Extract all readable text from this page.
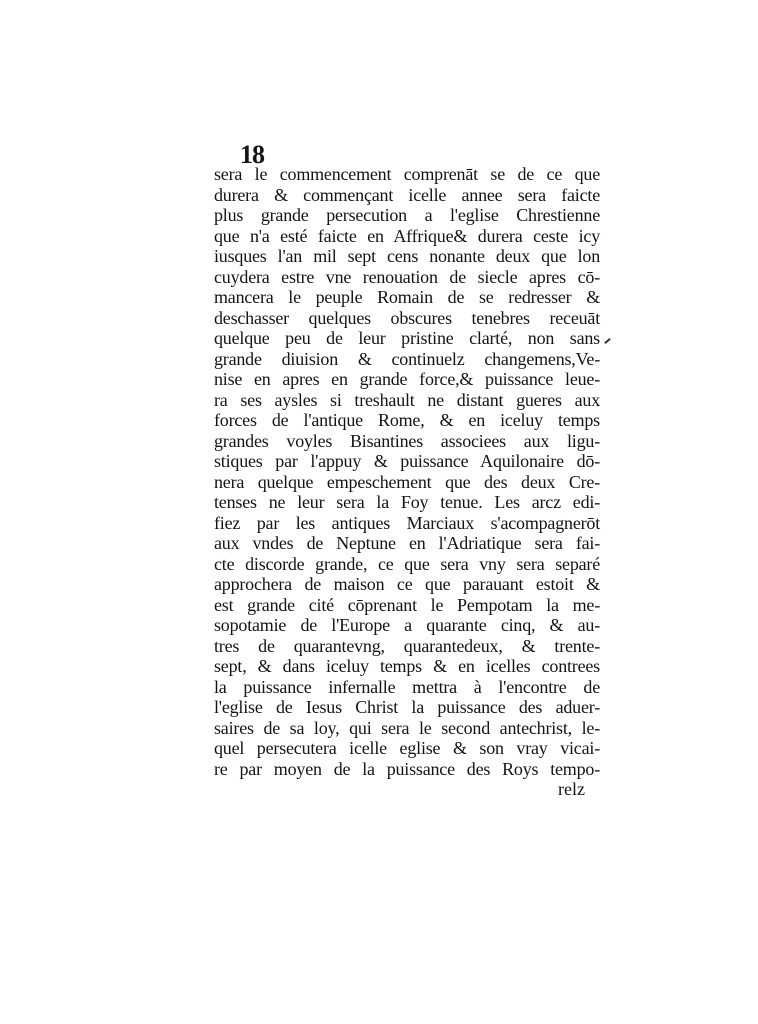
18
sera le commencement comprenāt se de ce que
durera & commençant icelle annee sera faicte
plus grande persecution a l'eglise Chrestienne
que n'a esté faicte en Affrique& durera ceste icy
iusques l'an mil sept cens nonante deux que lon
cuydera estre vne renouation de siecle apres cō-
mancera le peuple Romain de se redresser &
deschasser quelques obscures tenebres receuāt
quelque peu de leur pristine clarté, non sans
grande diuision & continuelz changemens,Ve-
nise en apres en grande force,& puissance leue-
ra ses aysles si treshault ne distant gueres aux
forces de l'antique Rome, & en iceluy temps
grandes voyles Bisantines associees aux ligu-
stiques par l'appuy & puissance Aquilonaire dō-
nera quelque empeschement que des deux Cre-
tenses ne leur sera la Foy tenue. Les arcz edi-
fiez par les antiques Marciaux s'acompagnerōt
aux vndes de Neptune en l'Adriatique sera fai-
cte discorde grande, ce que sera vny sera separé
approchera de maison ce que parauant estoit &
est grande cité cōprenant le Pempotam la me-
sopotamie de l'Europe a quarante cinq, & au-
tres de quarantevng, quarantedeux, & trente-
sept, & dans iceluy temps & en icelles contrees
la puissance infernalle mettra à l'encontre de
l'eglise de Iesus Christ la puissance des aduer-
saires de sa loy, qui sera le second antechrist, le-
quel persecutera icelle eglise & son vray vicai-
re par moyen de la puissance des Roys tempo-
relz
